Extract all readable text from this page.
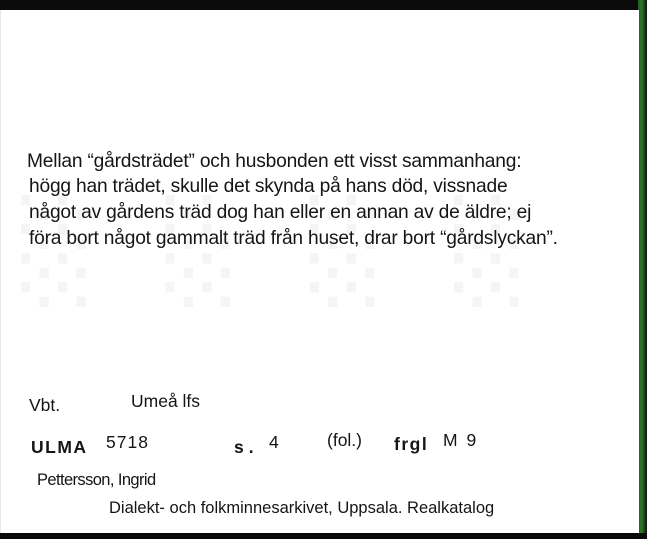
Mellan “gårdsträdet” och husbonden ett visst sammanhang:
högg han trädet, skulle det skynda på hans död, vissnade
något av gårdens träd dog han eller en annan av de äldre; ej
föra bort något gammalt träd från huset, drar bort “gårdslyckan”.
Vbt.	Umeå lfs
ULMA 5718	s. 4	(fol.) frgl M 9
Pettersson, Ingrid
Dialekt- och folkminnesarkivet, Uppsala. Realkatalog
